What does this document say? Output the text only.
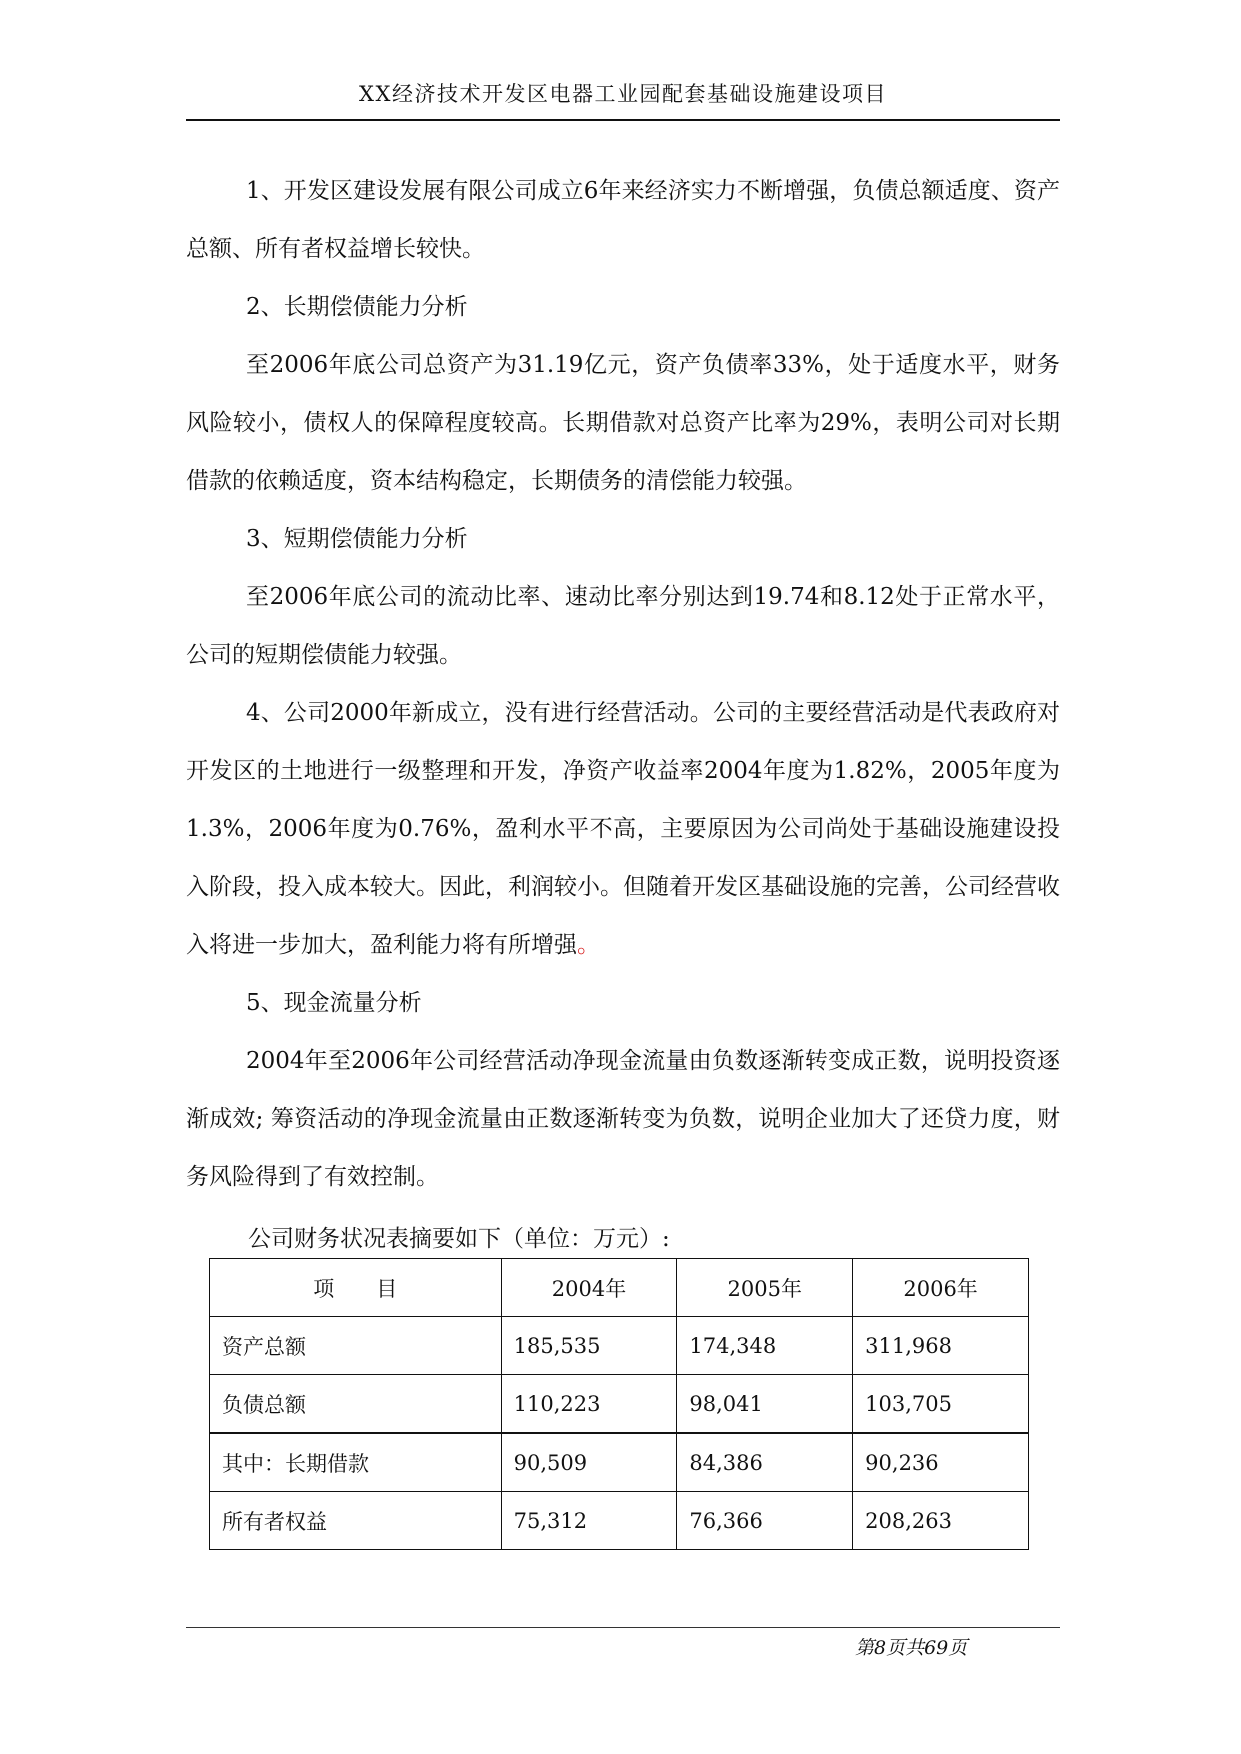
XX经济技术开发区电器工业园配套基础设施建设项目

1、开发区建设发展有限公司成立6年来经济实力不断增强，负债总额适度、资产总额、所有者权益增长较快。

2、长期偿债能力分析

至2006年底公司总资产为31.19亿元，资产负债率33%，处于适度水平，财务风险较小，债权人的保障程度较高。长期借款对总资产比率为29%，表明公司对长期借款的依赖适度，资本结构稳定，长期债务的清偿能力较强。

3、短期偿债能力分析

至2006年底公司的流动比率、速动比率分别达到19.74和8.12处于正常水平，公司的短期偿债能力较强。

4、公司2000年新成立，没有进行经营活动。公司的主要经营活动是代表政府对开发区的土地进行一级整理和开发，净资产收益率2004年度为1.82%，2005年度为1.3%，2006年度为0.76%，盈利水平不高，主要原因为公司尚处于基础设施建设投入阶段，投入成本较大。因此，利润较小。但随着开发区基础设施的完善，公司经营收入将进一步加大，盈利能力将有所增强。

5、现金流量分析

2004年至2006年公司经营活动净现金流量由负数逐渐转变成正数，说明投资逐渐成效; 筹资活动的净现金流量由正数逐渐转变为负数，说明企业加大了还贷力度，财务风险得到了有效控制。

公司财务状况表摘要如下（单位：万元）:
项　　目	2004年	2005年	2006年
资产总额	185,535	174,348	311,968
负债总额	110,223	98,041	103,705
其中：长期借款	90,509	84,386	90,236
所有者权益	75,312	76,366	208,263
第8页共69页
